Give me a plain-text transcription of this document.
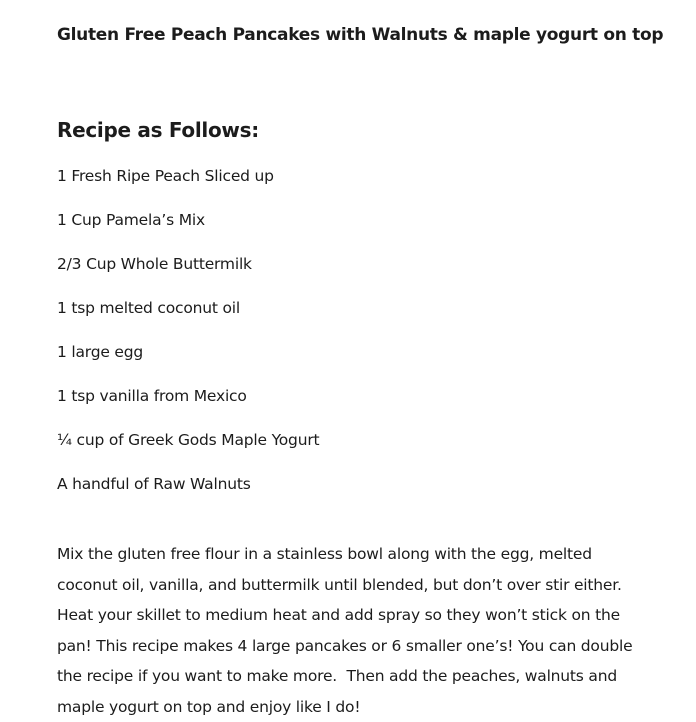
Gluten Free Peach Pancakes with Walnuts & maple yogurt on top
Recipe as Follows:
1 Fresh Ripe Peach Sliced up
1 Cup Pamela’s Mix
2/3 Cup Whole Buttermilk
1 tsp melted coconut oil
1 large egg
1 tsp vanilla from Mexico
¼ cup of Greek Gods Maple Yogurt
A handful of Raw Walnuts

Mix the gluten free flour in a stainless bowl along with the egg, melted coconut oil, vanilla, and buttermilk until blended, but don’t over stir either. Heat your skillet to medium heat and add spray so they won’t stick on the pan! This recipe makes 4 large pancakes or 6 smaller one’s! You can double the recipe if you want to make more.  Then add the peaches, walnuts and maple yogurt on top and enjoy like I do!
